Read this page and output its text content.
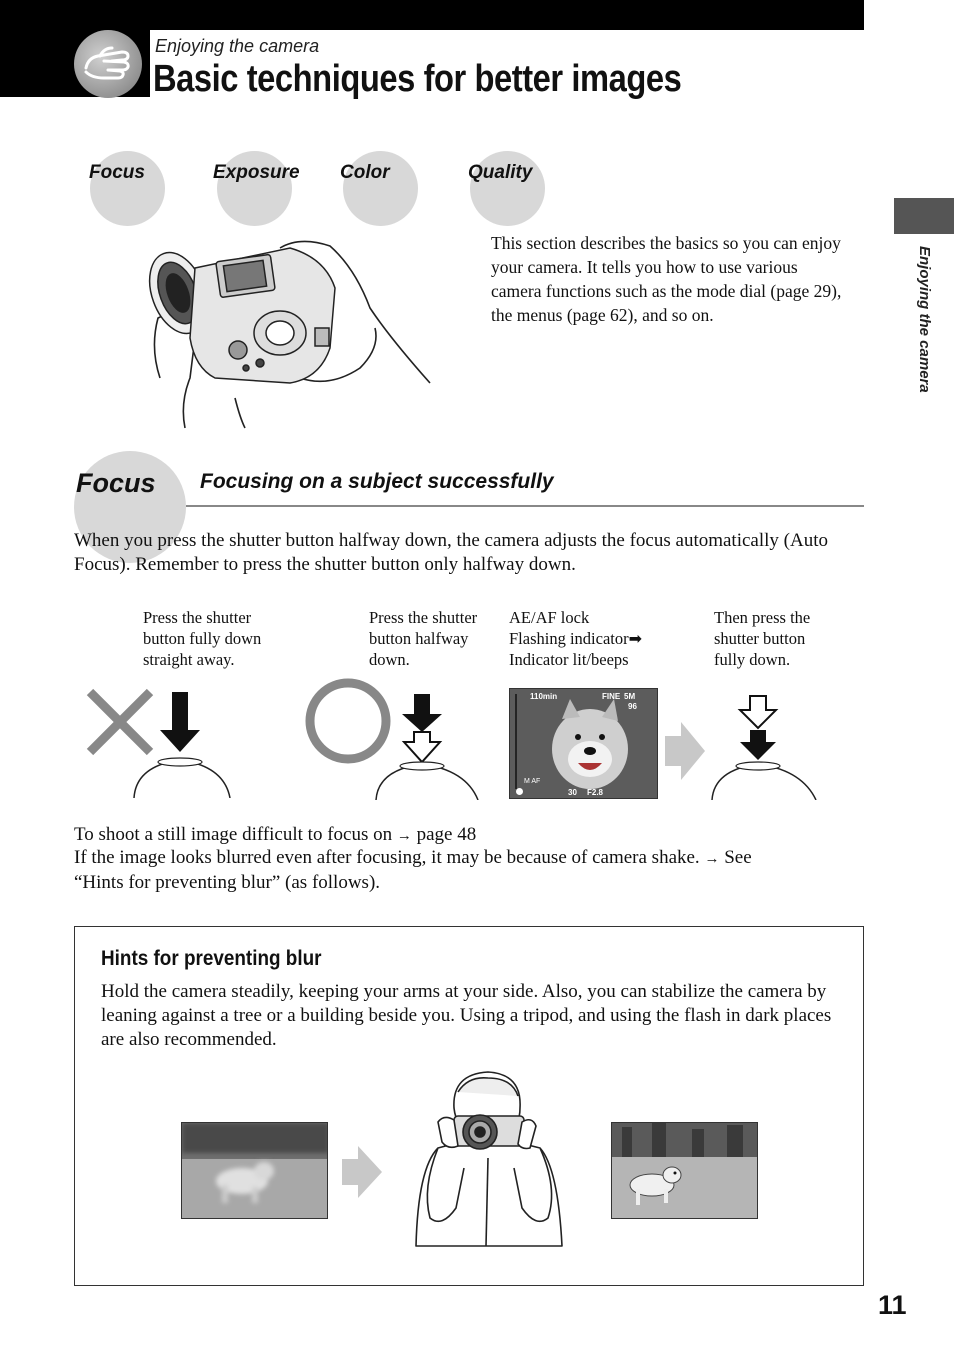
Enjoying the camera
Basic techniques for better images
Enjoying the camera
Focus	Exposure Color	Quality
This section describes the basics so you can enjoy your camera. It tells you how to use various camera functions such as the mode dial (page 29), the menus (page 62), and so on.
Focus Focusing on a subject successfully
When you press the shutter button halfway down, the camera adjusts the focus automatically (Auto Focus). Remember to press the shutter button only halfway down.
Press the shutter
button fully down
straight away.
Press the shutter
button halfway
down.
AE/AF lock
Flashing indicator➡
Indicator lit/beeps
Then press the
shutter button
fully down.
110min	FINE 5M
96
M AF
30 F2.8
To shoot a still image difficult to focus on → page 48
If the image looks blurred even after focusing, it may be because of camera shake. → See
“Hints for preventing blur” (as follows).
Hints for preventing blur
Hold the camera steadily, keeping your arms at your side. Also, you can stabilize the camera by leaning against a tree or a building beside you. Using a tripod, and using the flash in dark places are also recommended.
11
